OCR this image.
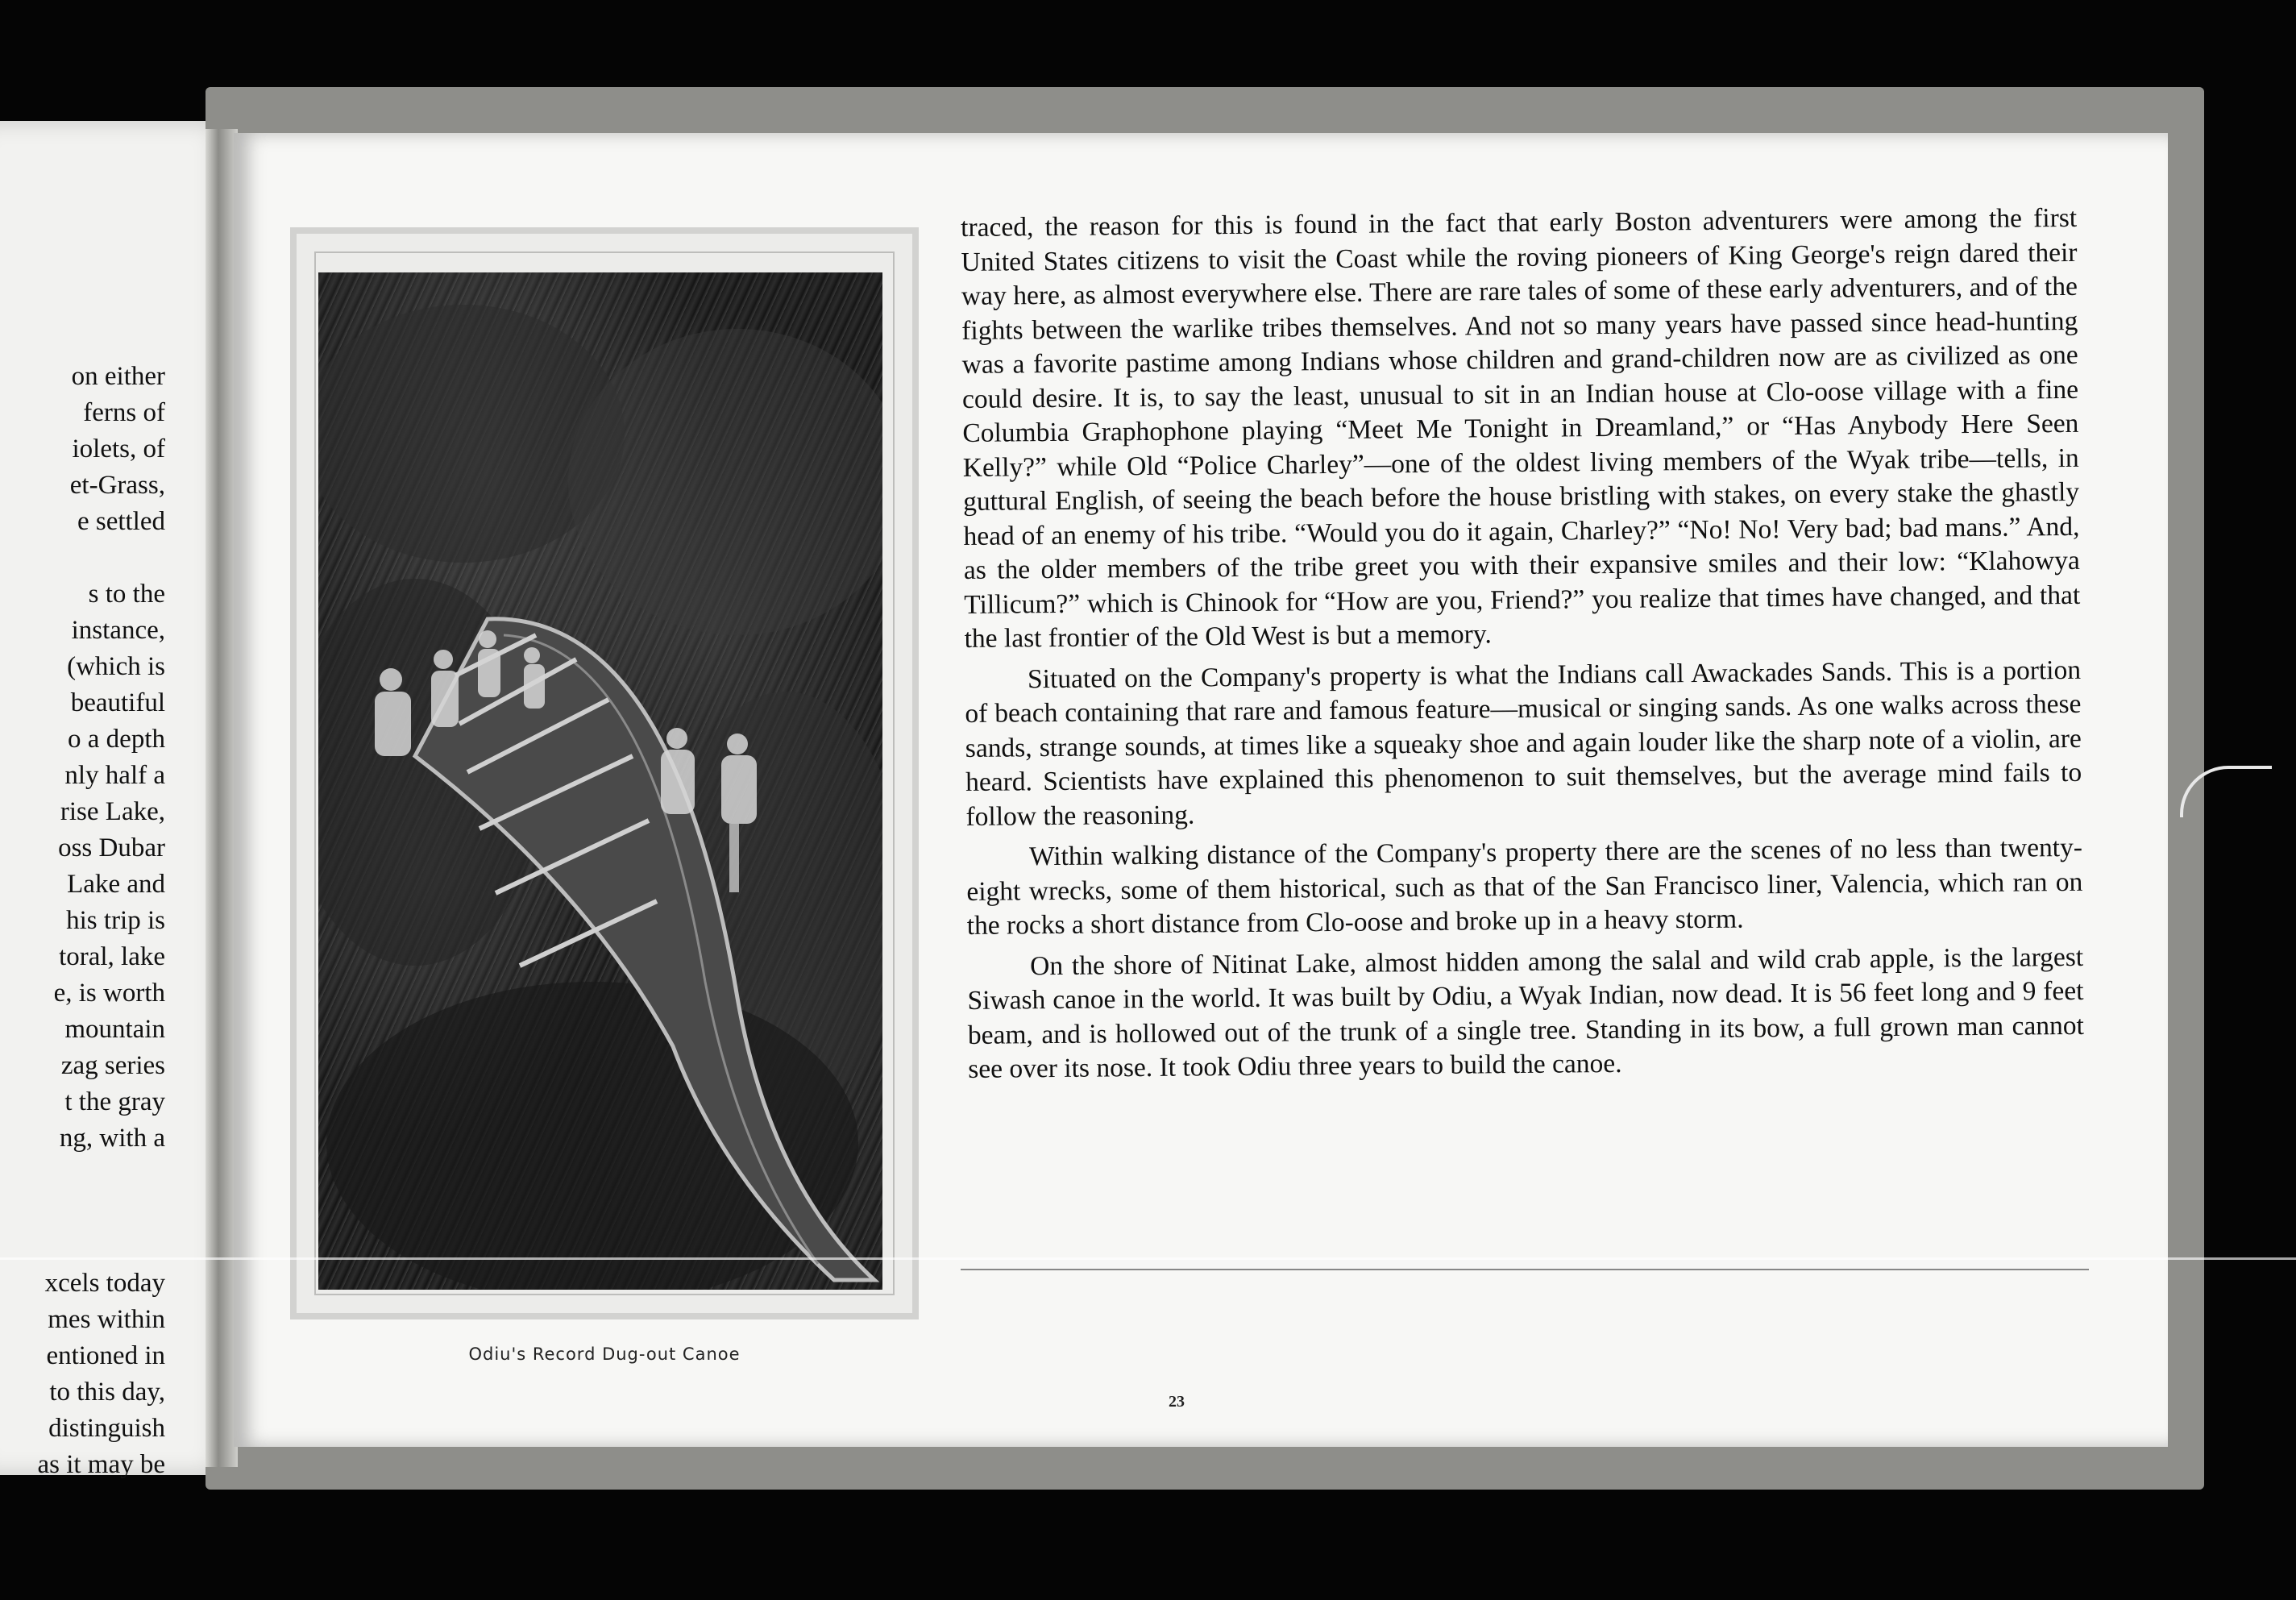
on either
ferns of
iolets, of
et-Grass,
e settled
s to the
instance,
(which is
beautiful
o a depth
nly half a
rise Lake,
oss Dubar
Lake and
his trip is
toral, lake
e, is worth
mountain
zag series
t the gray
ng, with a
xcels today
mes within
entioned in
to this day,
distinguish
as it may be
Odiu's Record Dug-out Canoe

traced, the reason for this is found in the fact that early Boston adventurers were among the first United States citizens to visit the Coast while the roving pioneers of King George's reign dared their way here, as almost everywhere else. There are rare tales of some of these early adventurers, and of the fights between the warlike tribes themselves. And not so many years have passed since head-hunting was a favorite pastime among Indians whose children and grand-children now are as civilized as one could desire. It is, to say the least, unusual to sit in an Indian house at Clo-oose village with a fine Columbia Graphophone playing “Meet Me Tonight in Dreamland,” or “Has Anybody Here Seen Kelly?” while Old “Police Charley”—one of the oldest living members of the Wyak tribe—tells, in guttural English, of seeing the beach before the house bristling with stakes, on every stake the ghastly head of an enemy of his tribe. “Would you do it again, Charley?” “No! No! Very bad; bad mans.” And, as the older members of the tribe greet you with their expansive smiles and their low: “Klahowya Tillicum?” which is Chinook for “How are you, Friend?” you realize that times have changed, and that the last frontier of the Old West is but a memory.

Situated on the Company's property is what the Indians call Awackades Sands. This is a portion of beach containing that rare and famous feature—musical or singing sands. As one walks across these sands, strange sounds, at times like a squeaky shoe and again louder like the sharp note of a violin, are heard. Scientists have explained this phenomenon to suit themselves, but the average mind fails to follow the reasoning.

Within walking distance of the Company's property there are the scenes of no less than twenty-eight wrecks, some of them historical, such as that of the San Francisco liner, Valencia, which ran on the rocks a short distance from Clo-oose and broke up in a heavy storm.

On the shore of Nitinat Lake, almost hidden among the salal and wild crab apple, is the largest Siwash canoe in the world. It was built by Odiu, a Wyak Indian, now dead. It is 56 feet long and 9 feet beam, and is hollowed out of the trunk of a single tree. Standing in its bow, a full grown man cannot see over its nose. It took Odiu three years to build the canoe.

23
